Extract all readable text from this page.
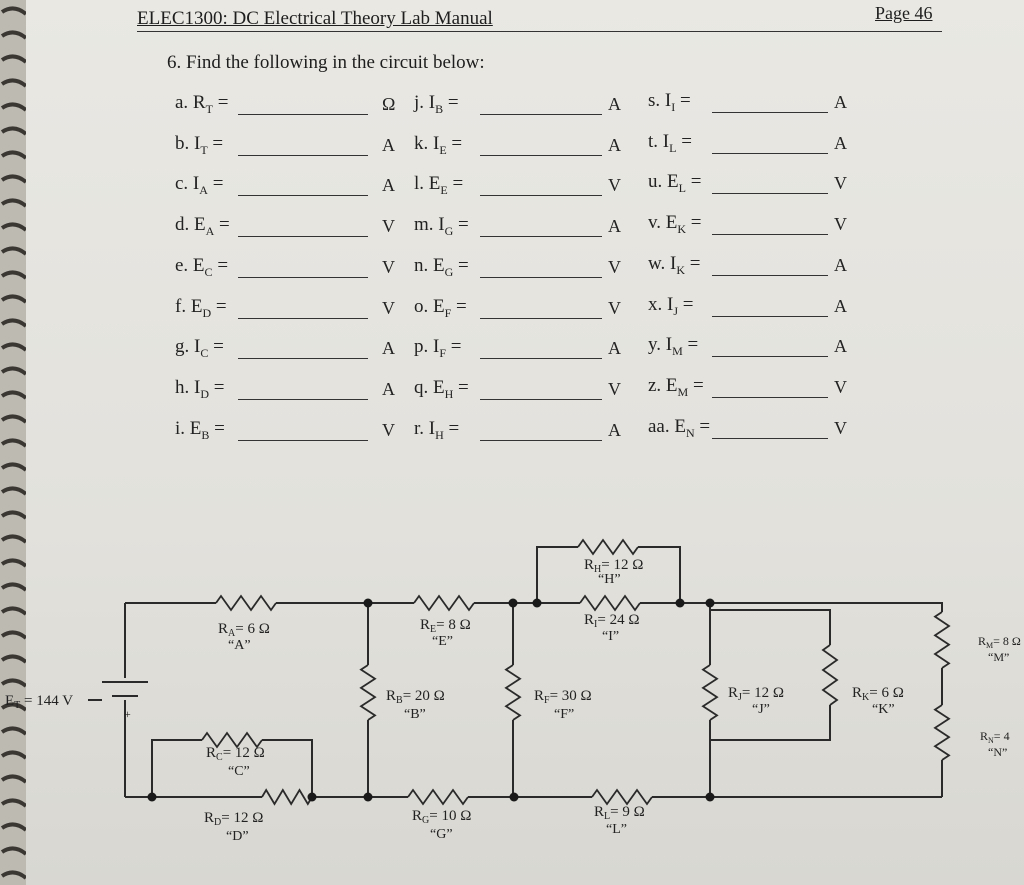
ELEC1300: DC Electrical Theory Lab Manual	Page 46
6. Find the following in the circuit below:
a. $R_T$ =	Ω
b. $I_T$ =	A
c. $I_A$ =	A
d. $E_A$ =	V
e. $E_C$ =	V
f. $E_D$ =	V
g. $I_C$ =	A
h. $I_D$ =	A
i. $E_B$ =	V
j. $I_B$ =	A
k. $I_E$ =	A
l. $E_E$ =	V
m. $I_G$ =	A
n. $E_G$ =	V
o. $E_F$ =	V
p. $I_F$ =	A
q. $E_H$ =	V
r. $I_H$ =	A
s. $I_I$ =	A
t. $I_L$ =	A
u. $E_L$ =	V
v. $E_K$ =	V
w. $I_K$ =	A
x. $I_J$ =	A
y. $I_M$ =	A
z. $E_M$ =	V
aa. $E_N$ =	V
$E_T = 144$ V
+
$R_A= 6$ Ω
“A”
$R_E= 8$ Ω
“E”
$R_H= 12$ Ω
“H”
$R_I= 24$ Ω
“I”
$R_B= 20$ Ω
“B”
$R_F= 30$ Ω
“F”
$R_J= 12$ Ω
“J”
$R_K= 6$ Ω
“K”
$R_M= 8$ Ω
“M”
$R_N= 4$
“N”
$R_C= 12$ Ω
“C”
$R_D= 12$ Ω
“D”
$R_G= 10$ Ω
“G”
$R_L= 9$ Ω
“L”
